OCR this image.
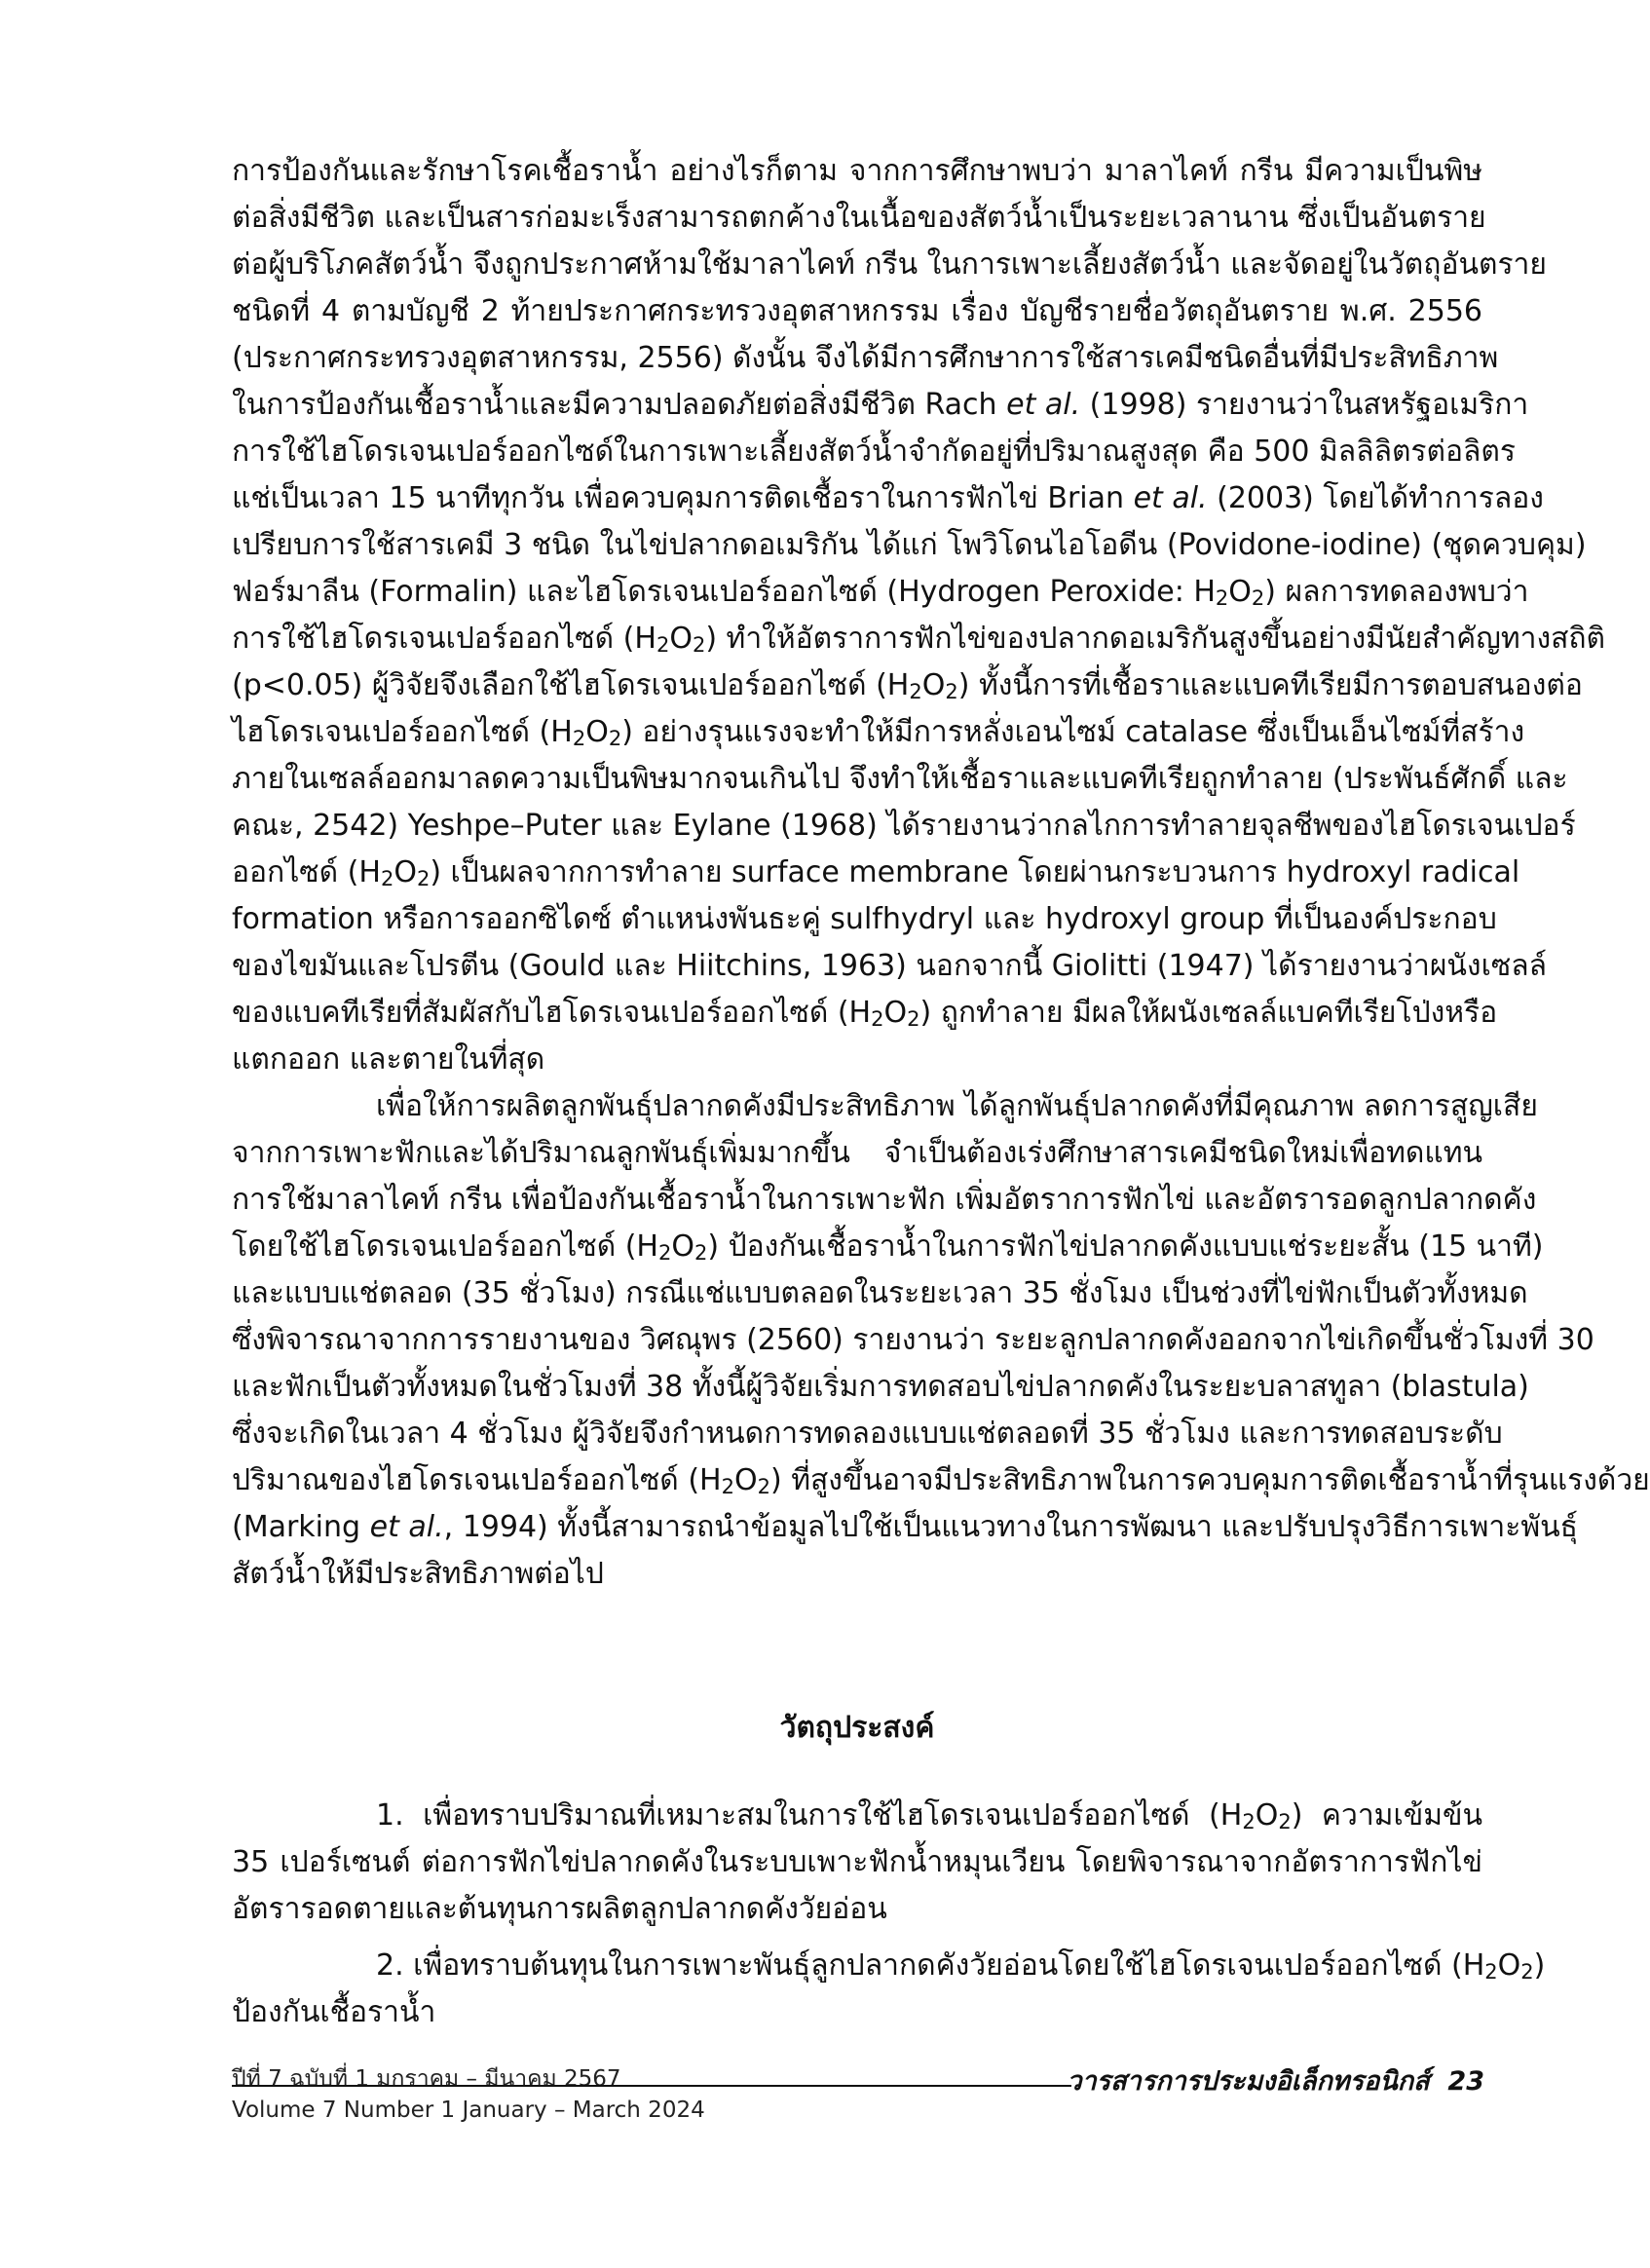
การป้องกันและรักษาโรคเชื้อราน้ำ อย่างไรก็ตาม จากการศึกษาพบว่า มาลาไคท์ กรีน มีความเป็นพิษ
ต่อสิ่งมีชีวิต และเป็นสารก่อมะเร็งสามารถตกค้างในเนื้อของสัตว์น้ำเป็นระยะเวลานาน ซึ่งเป็นอันตราย
ต่อผู้บริโภคสัตว์น้ำ จึงถูกประกาศห้ามใช้มาลาไคท์ กรีน ในการเพาะเลี้ยงสัตว์น้ำ และจัดอยู่ในวัตถุอันตราย
ชนิดที่ 4 ตามบัญชี 2 ท้ายประกาศกระทรวงอุตสาหกรรม เรื่อง บัญชีรายชื่อวัตถุอันตราย พ.ศ. 2556
(ประกาศกระทรวงอุตสาหกรรม, 2556) ดังนั้น จึงได้มีการศึกษาการใช้สารเคมีชนิดอื่นที่มีประสิทธิภาพ
ในการป้องกันเชื้อราน้ำและมีความปลอดภัยต่อสิ่งมีชีวิต Rach et al. (1998) รายงานว่าในสหรัฐอเมริกา
การใช้ไฮโดรเจนเปอร์ออกไซด์ในการเพาะเลี้ยงสัตว์น้ำจำกัดอยู่ที่ปริมาณสูงสุด คือ 500 มิลลิลิตรต่อลิตร
แช่เป็นเวลา 15 นาทีทุกวัน เพื่อควบคุมการติดเชื้อราในการฟักไข่ Brian et al. (2003) โดยได้ทำการลอง
เปรียบการใช้สารเคมี 3 ชนิด ในไข่ปลากดอเมริกัน ได้แก่ โพวิโดนไอโอดีน (Povidone-iodine) (ชุดควบคุม)
ฟอร์มาลีน (Formalin) และไฮโดรเจนเปอร์ออกไซด์ (Hydrogen Peroxide: $H_2O_2$) ผลการทดลองพบว่า
การใช้ไฮโดรเจนเปอร์ออกไซด์ $(H_2O_2)$ ทำให้อัตราการฟักไข่ของปลากดอเมริกันสูงขึ้นอย่างมีนัยสำคัญทางสถิติ
(p<0.05) ผู้วิจัยจึงเลือกใช้ไฮโดรเจนเปอร์ออกไซด์ $(H_2O_2)$ ทั้งนี้การที่เชื้อราและแบคทีเรียมีการตอบสนองต่อ
ไฮโดรเจนเปอร์ออกไซด์ $(H_2O_2)$ อย่างรุนแรงจะทำให้มีการหลั่งเอนไซม์ catalase ซึ่งเป็นเอ็นไซม์ที่สร้าง
ภายในเซลล์ออกมาลดความเป็นพิษมากจนเกินไป จึงทำให้เชื้อราและแบคทีเรียถูกทำลาย (ประพันธ์ศักดิ์ และ
คณะ, 2542) Yeshpe–Puter และ Eylane (1968) ได้รายงานว่ากลไกการทำลายจุลชีพของไฮโดรเจนเปอร์
ออกไซด์ $(H_2O_2)$ เป็นผลจากการทำลาย surface membrane โดยผ่านกระบวนการ hydroxyl radical
formation หรือการออกซิไดซ์ ตำแหน่งพันธะคู่ sulfhydryl และ hydroxyl group ที่เป็นองค์ประกอบ
ของไขมันและโปรตีน (Gould และ Hiitchins, 1963) นอกจากนี้ Giolitti (1947) ได้รายงานว่าผนังเซลล์
ของแบคทีเรียที่สัมผัสกับไฮโดรเจนเปอร์ออกไซด์ $(H_2O_2)$ ถูกทำลาย มีผลให้ผนังเซลล์แบคทีเรียโป่งหรือ
แตกออก และตายในที่สุด
เพื่อให้การผลิตลูกพันธุ์ปลากดคังมีประสิทธิภาพ ได้ลูกพันธุ์ปลากดคังที่มีคุณภาพ ลดการสูญเสีย
จากการเพาะฟักและได้ปริมาณลูกพันธุ์เพิ่มมากขึ้น จำเป็นต้องเร่งศึกษาสารเคมีชนิดใหม่เพื่อทดแทน
การใช้มาลาไคท์ กรีน เพื่อป้องกันเชื้อราน้ำในการเพาะฟัก เพิ่มอัตราการฟักไข่ และอัตรารอดลูกปลากดคัง
โดยใช้ไฮโดรเจนเปอร์ออกไซด์ $(H_2O_2)$ ป้องกันเชื้อราน้ำในการฟักไข่ปลากดคังแบบแช่ระยะสั้น (15 นาที)
และแบบแช่ตลอด (35 ชั่วโมง) กรณีแช่แบบตลอดในระยะเวลา 35 ชั่งโมง เป็นช่วงที่ไข่ฟักเป็นตัวทั้งหมด
ซึ่งพิจารณาจากการรายงานของ วิศณุพร (2560) รายงานว่า ระยะลูกปลากดคังออกจากไข่เกิดขึ้นชั่วโมงที่ 30
และฟักเป็นตัวทั้งหมดในชั่วโมงที่ 38 ทั้งนี้ผู้วิจัยเริ่มการทดสอบไข่ปลากดคังในระยะบลาสทูลา (blastula)
ซึ่งจะเกิดในเวลา 4 ชั่วโมง ผู้วิจัยจึงกำหนดการทดลองแบบแช่ตลอดที่ 35 ชั่วโมง และการทดสอบระดับ
ปริมาณของไฮโดรเจนเปอร์ออกไซด์ $(H_2O_2)$ ที่สูงขึ้นอาจมีประสิทธิภาพในการควบคุมการติดเชื้อราน้ำที่รุนแรงด้วย
(Marking et al., 1994) ทั้งนี้สามารถนำข้อมูลไปใช้เป็นแนวทางในการพัฒนา และปรับปรุงวิธีการเพาะพันธุ์
สัตว์น้ำให้มีประสิทธิภาพต่อไป
วัตถุประสงค์
1. เพื่อทราบปริมาณที่เหมาะสมในการใช้ไฮโดรเจนเปอร์ออกไซด์ $(H_2O_2)$ ความเข้มข้น
35 เปอร์เซนต์ ต่อการฟักไข่ปลากดคังในระบบเพาะฟักน้ำหมุนเวียน โดยพิจารณาจากอัตราการฟักไข่
อัตรารอดตายและต้นทุนการผลิตลูกปลากดคังวัยอ่อน
2. เพื่อทราบต้นทุนในการเพาะพันธุ์ลูกปลากดคังวัยอ่อนโดยใช้ไฮโดรเจนเปอร์ออกไซด์ $(H_2O_2)$
ป้องกันเชื้อราน้ำ
ปีที่ 7 ฉบับที่ 1 มกราคม – มีนาคม 2567
Volume 7 Number 1 January – March 2024
วารสารการประมงอิเล็กทรอนิกส์ 23
